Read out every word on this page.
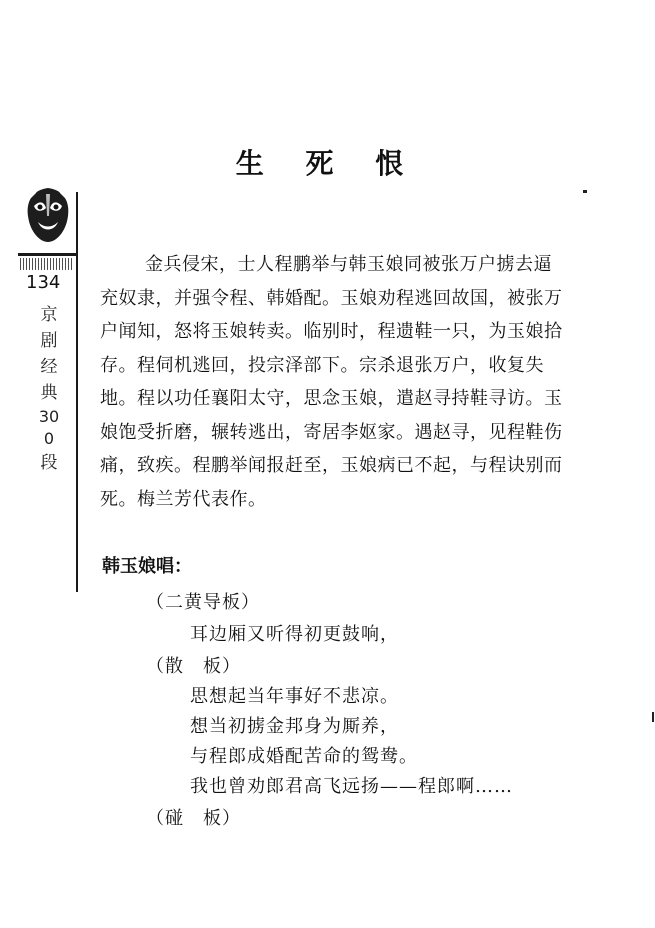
生 死 恨
134
京剧经典
300
段
金兵侵宋，士人程鹏举与韩玉娘同被张万户掳去逼充奴隶，并强令程、韩婚配。玉娘劝程逃回故国，被张万户闻知，怒将玉娘转卖。临别时，程遗鞋一只，为玉娘拾存。程伺机逃回，投宗泽部下。宗杀退张万户，收复失地。程以功任襄阳太守，思念玉娘，遣赵寻持鞋寻访。玉娘饱受折磨，辗转逃出，寄居李妪家。遇赵寻，见程鞋伤痛，致疾。程鹏举闻报赶至，玉娘病已不起，与程诀别而死。梅兰芳代表作。
韩玉娘唱：
（二黄导板）
耳边厢又听得初更鼓响，
（散　板）
思想起当年事好不悲凉。
想当初掳金邦身为厮养，
与程郎成婚配苦命的鸳鸯。
我也曾劝郎君高飞远扬——程郎啊……
（碰　板）
